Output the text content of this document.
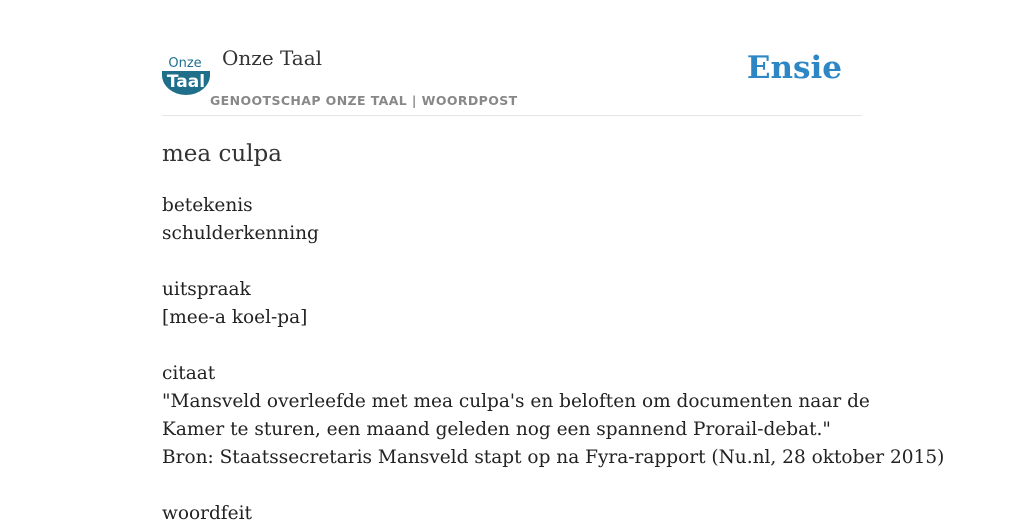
Onze
Taal
Onze Taal
GENOOTSCHAP ONZE TAAL | WOORDPOST
Ensie
mea culpa
betekenis
schulderkenning
uitspraak
[mee-a koel-pa]
citaat
"Mansveld overleefde met mea culpa's en beloften om documenten naar de
Kamer te sturen, een maand geleden nog een spannend Prorail-debat."
Bron: Staatssecretaris Mansveld stapt op na Fyra-rapport (Nu.nl, 28 oktober 2015)
woordfeit
